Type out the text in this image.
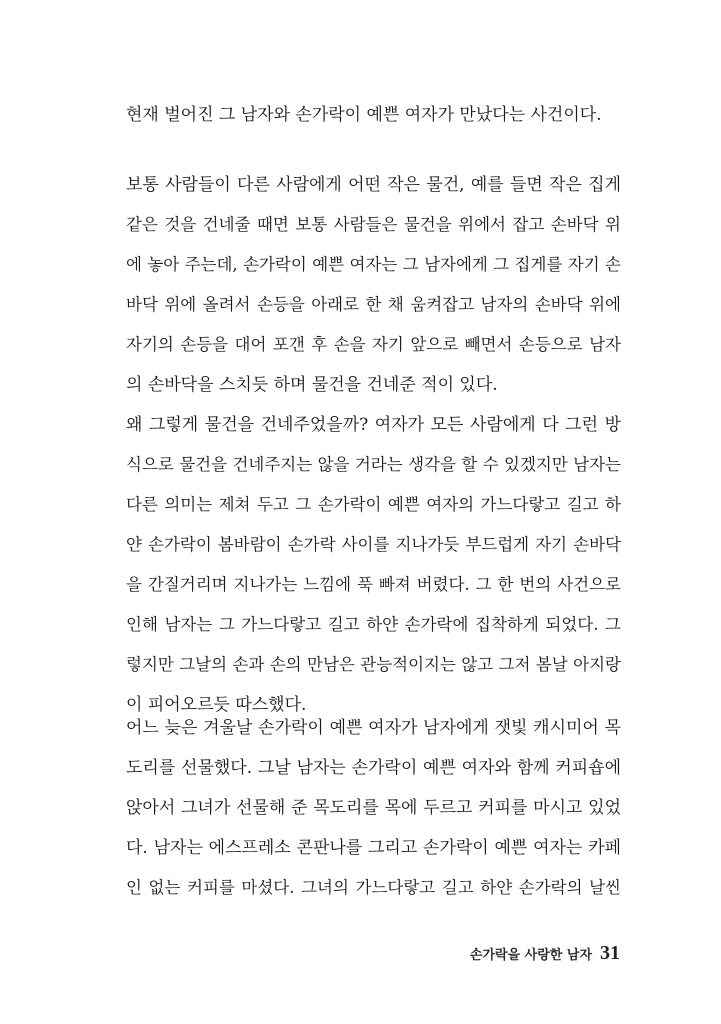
현재 벌어진 그 남자와 손가락이 예쁜 여자가 만났다는 사건이다.
보통 사람들이 다른 사람에게 어떤 작은 물건, 예를 들면 작은 집게
같은 것을 건네줄 때면 보통 사람들은 물건을 위에서 잡고 손바닥 위
에 놓아 주는데, 손가락이 예쁜 여자는 그 남자에게 그 집게를 자기 손
바닥 위에 올려서 손등을 아래로 한 채 움켜잡고 남자의 손바닥 위에
자기의 손등을 대어 포갠 후 손을 자기 앞으로 빼면서 손등으로 남자
의 손바닥을 스치듯 하며 물건을 건네준 적이 있다.
왜 그렇게 물건을 건네주었을까? 여자가 모든 사람에게 다 그런 방
식으로 물건을 건네주지는 않을 거라는 생각을 할 수 있겠지만 남자는
다른 의미는 제쳐 두고 그 손가락이 예쁜 여자의 가느다랗고 길고 하
얀 손가락이 봄바람이 손가락 사이를 지나가듯 부드럽게 자기 손바닥
을 간질거리며 지나가는 느낌에 푹 빠져 버렸다. 그 한 번의 사건으로
인해 남자는 그 가느다랗고 길고 하얀 손가락에 집착하게 되었다. 그
렇지만 그날의 손과 손의 만남은 관능적이지는 않고 그저 봄날 아지랑
이 피어오르듯 따스했다.
어느 늦은 겨울날 손가락이 예쁜 여자가 남자에게 잿빛 캐시미어 목
도리를 선물했다. 그날 남자는 손가락이 예쁜 여자와 함께 커피숍에
앉아서 그녀가 선물해 준 목도리를 목에 두르고 커피를 마시고 있었
다. 남자는 에스프레소 콘판나를 그리고 손가락이 예쁜 여자는 카페
인 없는 커피를 마셨다. 그녀의 가느다랗고 길고 하얀 손가락의 날씬
손가락을 사랑한 남자 31
